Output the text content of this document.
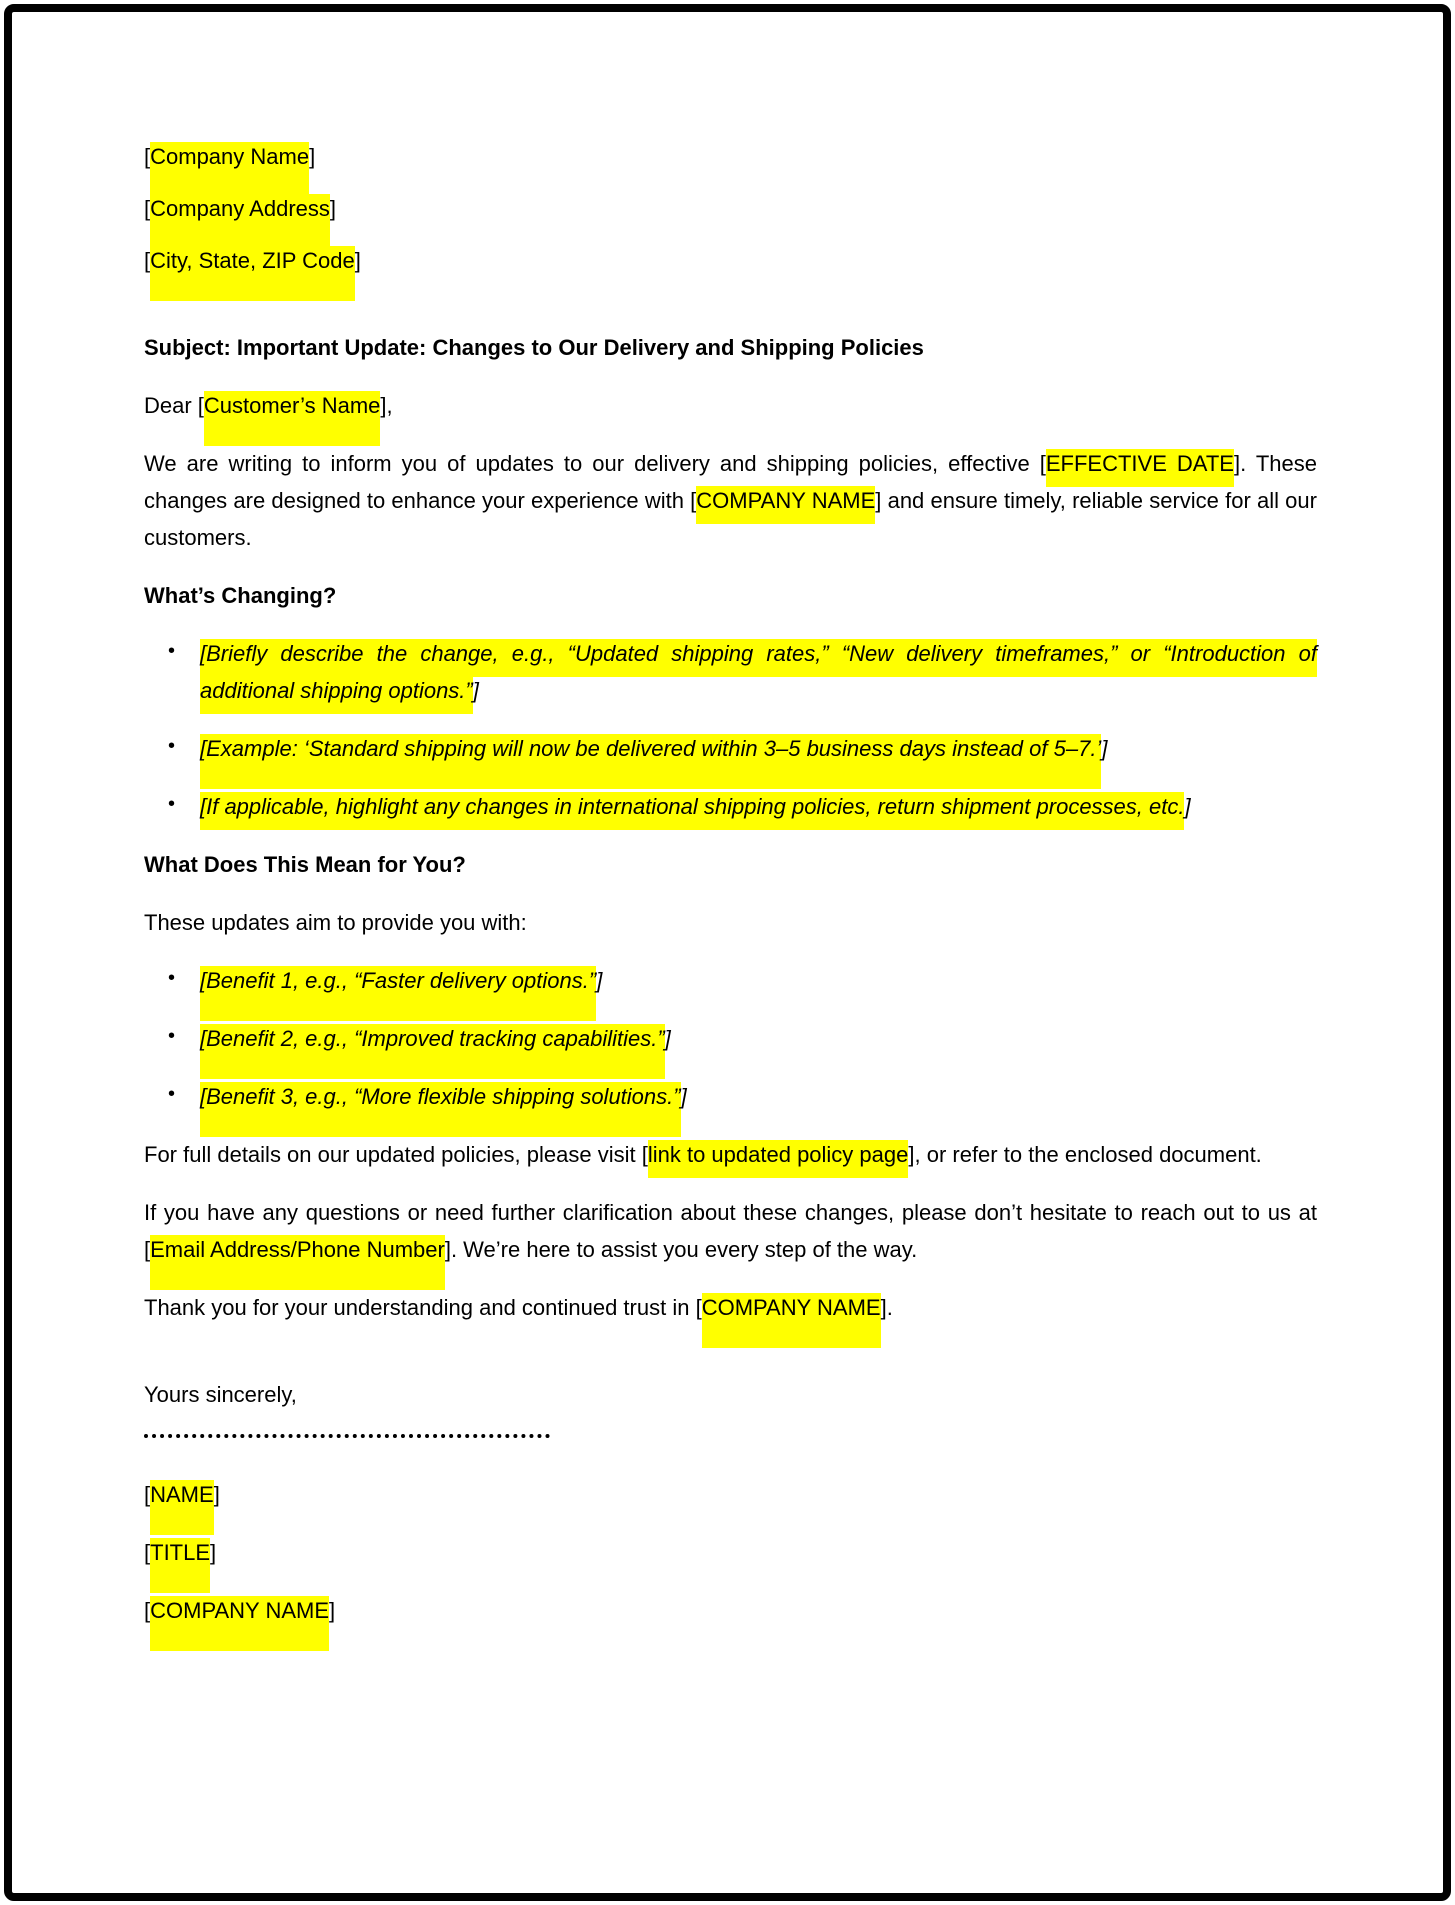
[Company Name]

[Company Address]

[City, State, ZIP Code]

Subject: Important Update: Changes to Our Delivery and Shipping Policies

Dear [Customer’s Name],

We are writing to inform you of updates to our delivery and shipping policies, effective [EFFECTIVE DATE]. These changes are designed to enhance your experience with [COMPANY NAME] and ensure timely, reliable service for all our customers.

What’s Changing?

• [Briefly describe the change, e.g., “Updated shipping rates,” “New delivery timeframes,” or “Introduction of additional shipping options.”]
• [Example: ‘Standard shipping will now be delivered within 3–5 business days instead of 5–7.’]
• [If applicable, highlight any changes in international shipping policies, return shipment processes, etc.]

What Does This Mean for You?

These updates aim to provide you with:

• [Benefit 1, e.g., “Faster delivery options.”]
• [Benefit 2, e.g., “Improved tracking capabilities.”]
• [Benefit 3, e.g., “More flexible shipping solutions.”]

For full details on our updated policies, please visit [link to updated policy page], or refer to the enclosed document.

If you have any questions or need further clarification about these changes, please don’t hesitate to reach out to us at [Email Address/Phone Number]. We’re here to assist you every step of the way.

Thank you for your understanding and continued trust in [COMPANY NAME].

Yours sincerely,

[NAME]

[TITLE]

[COMPANY NAME]
